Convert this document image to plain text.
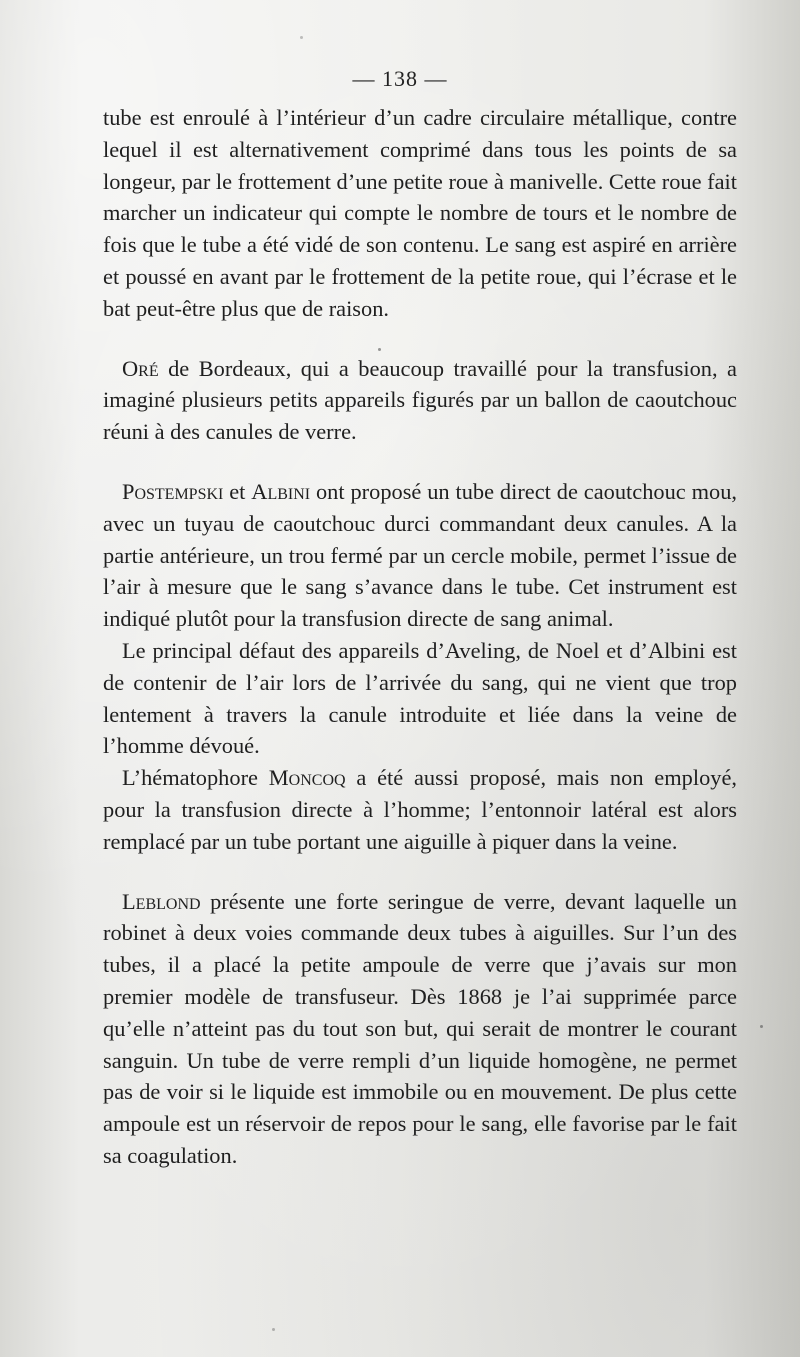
— 138 —

tube est enroulé à l’intérieur d’un cadre circulaire métallique, contre lequel il est alternativement comprimé dans tous les points de sa longeur, par le frottement d’une petite roue à manivelle. Cette roue fait marcher un indicateur qui compte le nombre de tours et le nombre de fois que le tube a été vidé de son contenu. Le sang est aspiré en arrière et poussé en avant par le frottement de la petite roue, qui l’écrase et le bat peut-être plus que de raison.

Oré de Bordeaux, qui a beaucoup travaillé pour la transfusion, a imaginé plusieurs petits appareils figurés par un ballon de caoutchouc réuni à des canules de verre.

Postempski et Albini ont proposé un tube direct de caoutchouc mou, avec un tuyau de caoutchouc durci commandant deux canules. A la partie antérieure, un trou fermé par un cercle mobile, permet l’issue de l’air à mesure que le sang s’avance dans le tube. Cet instrument est indiqué plutôt pour la transfusion directe de sang animal.

Le principal défaut des appareils d’Aveling, de Noel et d’Albini est de contenir de l’air lors de l’arrivée du sang, qui ne vient que trop lentement à travers la canule introduite et liée dans la veine de l’homme dévoué.

L’hématophore Moncoq a été aussi proposé, mais non employé, pour la transfusion directe à l’homme; l’entonnoir latéral est alors remplacé par un tube portant une aiguille à piquer dans la veine.

Leblond présente une forte seringue de verre, devant laquelle un robinet à deux voies commande deux tubes à aiguilles. Sur l’un des tubes, il a placé la petite ampoule de verre que j’avais sur mon premier modèle de transfuseur. Dès 1868 je l’ai supprimée parce qu’elle n’atteint pas du tout son but, qui serait de montrer le courant sanguin. Un tube de verre rempli d’un liquide homogène, ne permet pas de voir si le liquide est immobile ou en mouvement. De plus cette ampoule est un réservoir de repos pour le sang, elle favorise par le fait sa coagulation.
